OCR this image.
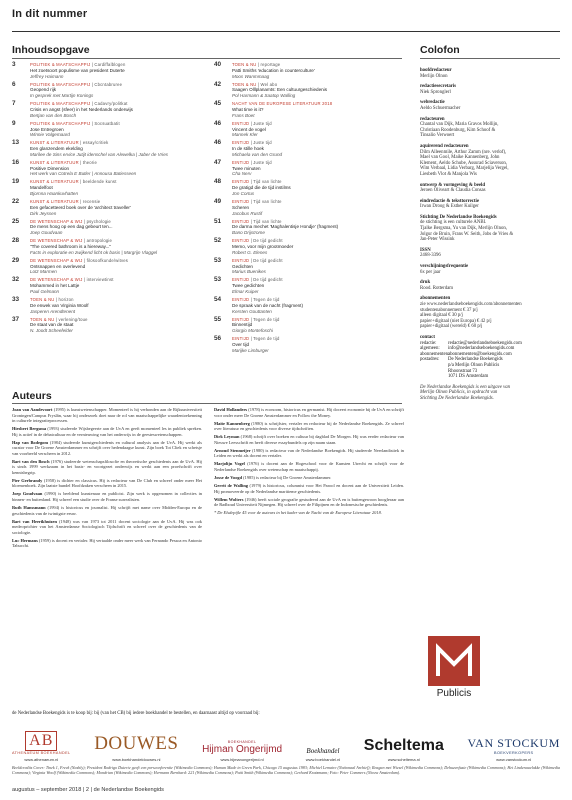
In dit nummer
Inhoudsopgave
3	POLITIEK & MAATSCHAPPIJ | Cardiffalblogen
Het zoetsoort populisme van president Duterte
Jeffrey Haimann
6	POLITIEK & MAATSCHAPPIJ | Cbcntabruree
Geopend rijk
In gesprek met Martijn Konings
7	POLITIEK & MAATSCHAPPIJ | Cadavry/politkat
Crisis en angst (sfeer) in het Nederlands onderwijs
Bertjan van den Bosch
9	POLITIEK & MAATSCHAPPIJ | Socsuatbatit
Jose Entregroen
Winnie Valgemaard
13	KUNST & LITERATUUR | essay/critiek
Een glanzendem ekelding
Marilee de Sins ervice Jutijt idenschel van Alewelka | Jaber de Vries
16	KUNST & LITERATUUR | theorie
Positive Dimension
Het werk van Cotrela E Butler | Annousa Batiesseen
19	KUNST & LITERATUUR | beeldende kunst
Mandelfoot
Bjornna Haankuvhatten
22	KUNST & LITERATUUR | recensie
Een gefacetteerd boek over de 'architect traveller'
Dirk Jeyssen
25	DE WETENSCHAP & WIJ | psychologie
De mens hoog op een dag gebeurt ten...
Joep Goudvaan
28	DE WETENSCHAP & WIJ | antropologie
"The covered bathroom is a hiereway..."
Facts in exploratie en zwijkend licht ok basis | Margrijn Vlaggel
29	DE WETENSCHAP & WIJ | filosoofkunde/witves
Ontsnappen en overlevend
Lotz Marmen
32	DE WETENSCHAP & WIJ | interviewtinst
Mohammed in het Lattje
Paul Gelmann
33	TOEN & NU | horizon
De enwek van Virginia Woolf
Jasperen Arendtenent
37	TOEN & NU | verlening/toue
De staat van de staat
N. Joodt Scheefelder
40	TOEN & NU | reportage
Patti Smiths 'education in counterculture'
Moos Wanmmaag
42	TOEN & NU | Wel abo
Saagen Olllplanamts: Een cultuurgeschiedenis
Pol Harmann & Saatop Walling
45	NACHT VAN DE EUROPESE LITERATUUR 2018
What time is it?
Frans Boet
46	EINTIJD | Juste tijd
Vincent de vogel
Mannek Kler
46	EINTIJD | Juste tijd
In de stille hoek
Michaela van den Grund
47	EINTIJD | Juste tijd
Twee minuten
Cha Nerv
48	EINTIJD | Tijd van lichte
De gratigd die de tijd instilms
Jon Cortus
49	EINTIJD | Tijd van lichte
Scheren
Jacobus Rustif
51	EINTIJD | Tijd van lichte
De darma mechet 'Maghalentisje Hondje' (fragment)
Bano Drijstrome
52	EINTIJD | De tijd gedicht
Memo, voor mijn grootmoeder
Robert G. Elenes
53	EINTIJD | De tijd gedicht
Gedichten
Marius Buenikes
53	EINTIJD | De tijd gedicht
Twee gedichten
Elmar Kuiper
54	EINTIJD | Tegen de tijd
De spraak van de nacht (fragment)
Kersten Gouttanten
55	EINTIJD | Tegen de tijd
Binnentijd
Giorgio Montefoschi
56	EINTIJD | Tegen de tijd
Over tijd
Marijke Limburger
Colofon
hoofdredacteur
Merlijn Olnon
redactiesecretaris
Niek Spronglerl
webredactie
Aeldo Schuermacher
redacteuren
Chantal van Dijk, Maria Gravos Mollijn,
Christiaan Roodenburg, Kim Schoof &
Tinsalio Verwoert
aquirerend redacteuren
Dilm Alleenmile, Arthur Zamm (nre. verlof),
Mael van Gool, Maike Kannenberg, John
Klement, Aeldo Schube, Assurad Sciaverson,
Wim Verbaal, Lidia Verbarg, Marjelija Vergel,
Liesbeth Vlot & Manjola Wis
ontwerp & vormgeving & beeld
Jeroen Oliveart & Claudia Consas
eindredactie & teksttorrectie
Irwan Droog & Esther Kuilger
Stichting De Nederlandse Boekengids
de stichting is een culturele ANBI.
Tjalke Bergsma, Yu van Dijk, Merlijn Olnon,
Jolgur de Bruin, Frans W. Seith, Jobs de Vries &
Jan-Peter Wissink
ISSN
2468-3396
verschijningsfrequentie
6x per jaar
druk
Rood. Rotterdam
abonnementen
zie www.nederlandseboekengids.com/abonnementen
studentenabonnement € 37 p/j
alleen digitaal € 30 p/j
papier+digitaal (niet Europa) € 42 p/j
papier+digitaal (wereld) € 60 p/j
contact
redactie:	redactie@nederlandseboekengids.com
algemeen:	info@nederlandseboekengids.com
abonnementen:
abonnementen@boekengids.com
postadres:	De Nederlandse Boekengids
p/a Merlijn Olnon Publicis
Rhoonstraat 73
1071 DS Amsterdam
De Nederlandse Boekengids is een uitgave van
Merlijn Olnon Publicis, in opdracht van
Stichting De Nederlandse Boekengids.
Publicis
Auteurs

Joan van Aandevoort (1995) is kunstwetenschapper. Momenteel is hij verbonden aan de Rijksuniversiteit Groningen/Campus Fryslân, waar hij onderzoek doet naar de rol van maatschappelijke waardentoekenning in culturele integratieprocessen.

Hiesbert Bergsma (1993) studeerde Wijsbegeerte aan de UvA en geeft momenteel les in publiek spreken. Hij is actief in de debatcultuur en de vernieuwing van het onderwijs in de geesteswetenschappen.

Hap van Bodegom (1984) studeerde kunstgeschiedenis en cultural analysis aan de UvA. Hij werkt als curator voor De Groene Amsterdammer en schrijft over hedendaagse kunst. Zijn boek Tot Cliek en schetsje van voorbeeld verscheen in 2012.

Bart van den Bosch (1976) studeerde wetenschapsfilosofie en theoretische geschiedenis aan de UvA. Hij is sinds 1999 werkzaam in het basis- en voortgezet onderwijs en werkt aan een proefschrift over kennisbegrip.

Pier Gerbrandy (1958) is dichter en classicus. Hij is redacteur van De Club en schreef onder meer Het bloemenboek. Zijn laatste bundel Hoofdzaken verscheen in 2015.

Joep Goudvaan (1990) is beeldend kunstenaar en publicist. Zijn werk is opgenomen in collecties in binnen- en buitenland. Hij schreef een studie over de Franse surrealisten.

Ruth Hanssmann (1994) is historicus en journalist. Hij schrijft met name over Midden-Europa en de geschiedenis van de twintigste eeuw.

Bart van Heerikhuizen (1948) was van 1973 tot 2011 docent sociologie aan de UvA. Hij was ook medeoprichter van het Amsterdamse Sociologisch Tijdschrift en schreef over de geschiedenis van de sociologie.

Luc Hermans (1959) is docent en vertaler. Hij vertaalde onder meer werk van Fernando Pessoa en Antonio Tabucchi.

David Hollanders (1978) is econoom, historicus en germanist. Hij doceert economie bij de UvA en schrijft voor onder meer De Groene Amsterdammer en Follow the Money.

Maite Kannenberg (1980) is schrijfster, vertaler en redacteur bij de Nederlandse Boekengids. Ze schreef over literatuur en geschiedenis voor diverse tijdschriften.

Dirk Leyman (1968) schrijft over boeken en cultuur bij dagblad De Morgen. Hij was eerder redacteur van Nieuwe Leesschrift en heeft diverse essaybundels op zijn naam staan.

Arnoud Stenmeijer (1980) is redacteur van de Nederlandse Boekengids. Hij studeerde Neerlandistiek in Leiden en werkt als docent en vertaler.

Marjolijn Vogel (1976) is docent aan de Hogeschool voor de Kunsten Utrecht en schrijft voor de Nederlandse Boekengids over wetenschap en maatschappij.

Josse de Voogd (1985) is redacteur bij De Groene Amsterdammer.

Gerrit de Walling (1979) is historicus, columnist voor Het Parool en docent aan de Universiteit Leiden. Hij promoveerde op de Nederlandse maritieme geschiedenis.

Willem Wolters (1946) heeft sociale geografie gestudeerd aan de UvA en is buitengewoon hoogleraar aan de Radboud Universiteit Nijmegen. Hij schreef over de Filipijnen en de Indonesische geschiedenis.

* De Elsdepijle 45 voor de auteurs in het kader van de Nacht van de Europese Literatuur 2018.

de Nederlandse Boekengids is te koop bij: bij (van het CB) bij iedere boekhandel te bestellen, en daarnaast altijd op voorraad bij:
AB
ATHENAEUM BOEKHANDEL
www.athenaeum.nl
DOUWES
www.boekhandeldouwes.nl
BOEKHANDEL
Hijman Ongerijmd
www.hijmanongerijmd.nl
Boekhandel
www.boekhandel.nl
Scheltema
www.scheltema.nl
VAN STOCKUM
BOEKVERKOPERS
www.vanstockum.nl
Beeldcredits Cover: Tinek 1, Freek (Nashly); President Rodrigo Duterte geeft een persconferentie (Wikimedia Commons); Human Made in Green Park, Chicago 15 augustus 1983; Michiel Lemaire (Nationaal Archief); Reagan met Wiesel (Wikimedia Commons); Dehuzenfuste (Wikimedia Commons); Het Lindenauvlakke (Wikimedia Commons); Virginia Woolf (Wikimedia Commons); Mondrian (Wikimedia Commons); Hermann Bernhard: 221 (Wikimedia Commons); Patti Smith (Wikimedia Commons); Gerhard Kratzmann; Foto: Peter Commers (Nieuw Amsterdam).
augustus – september 2018 | 2 | de Nederlandse Boekengids
